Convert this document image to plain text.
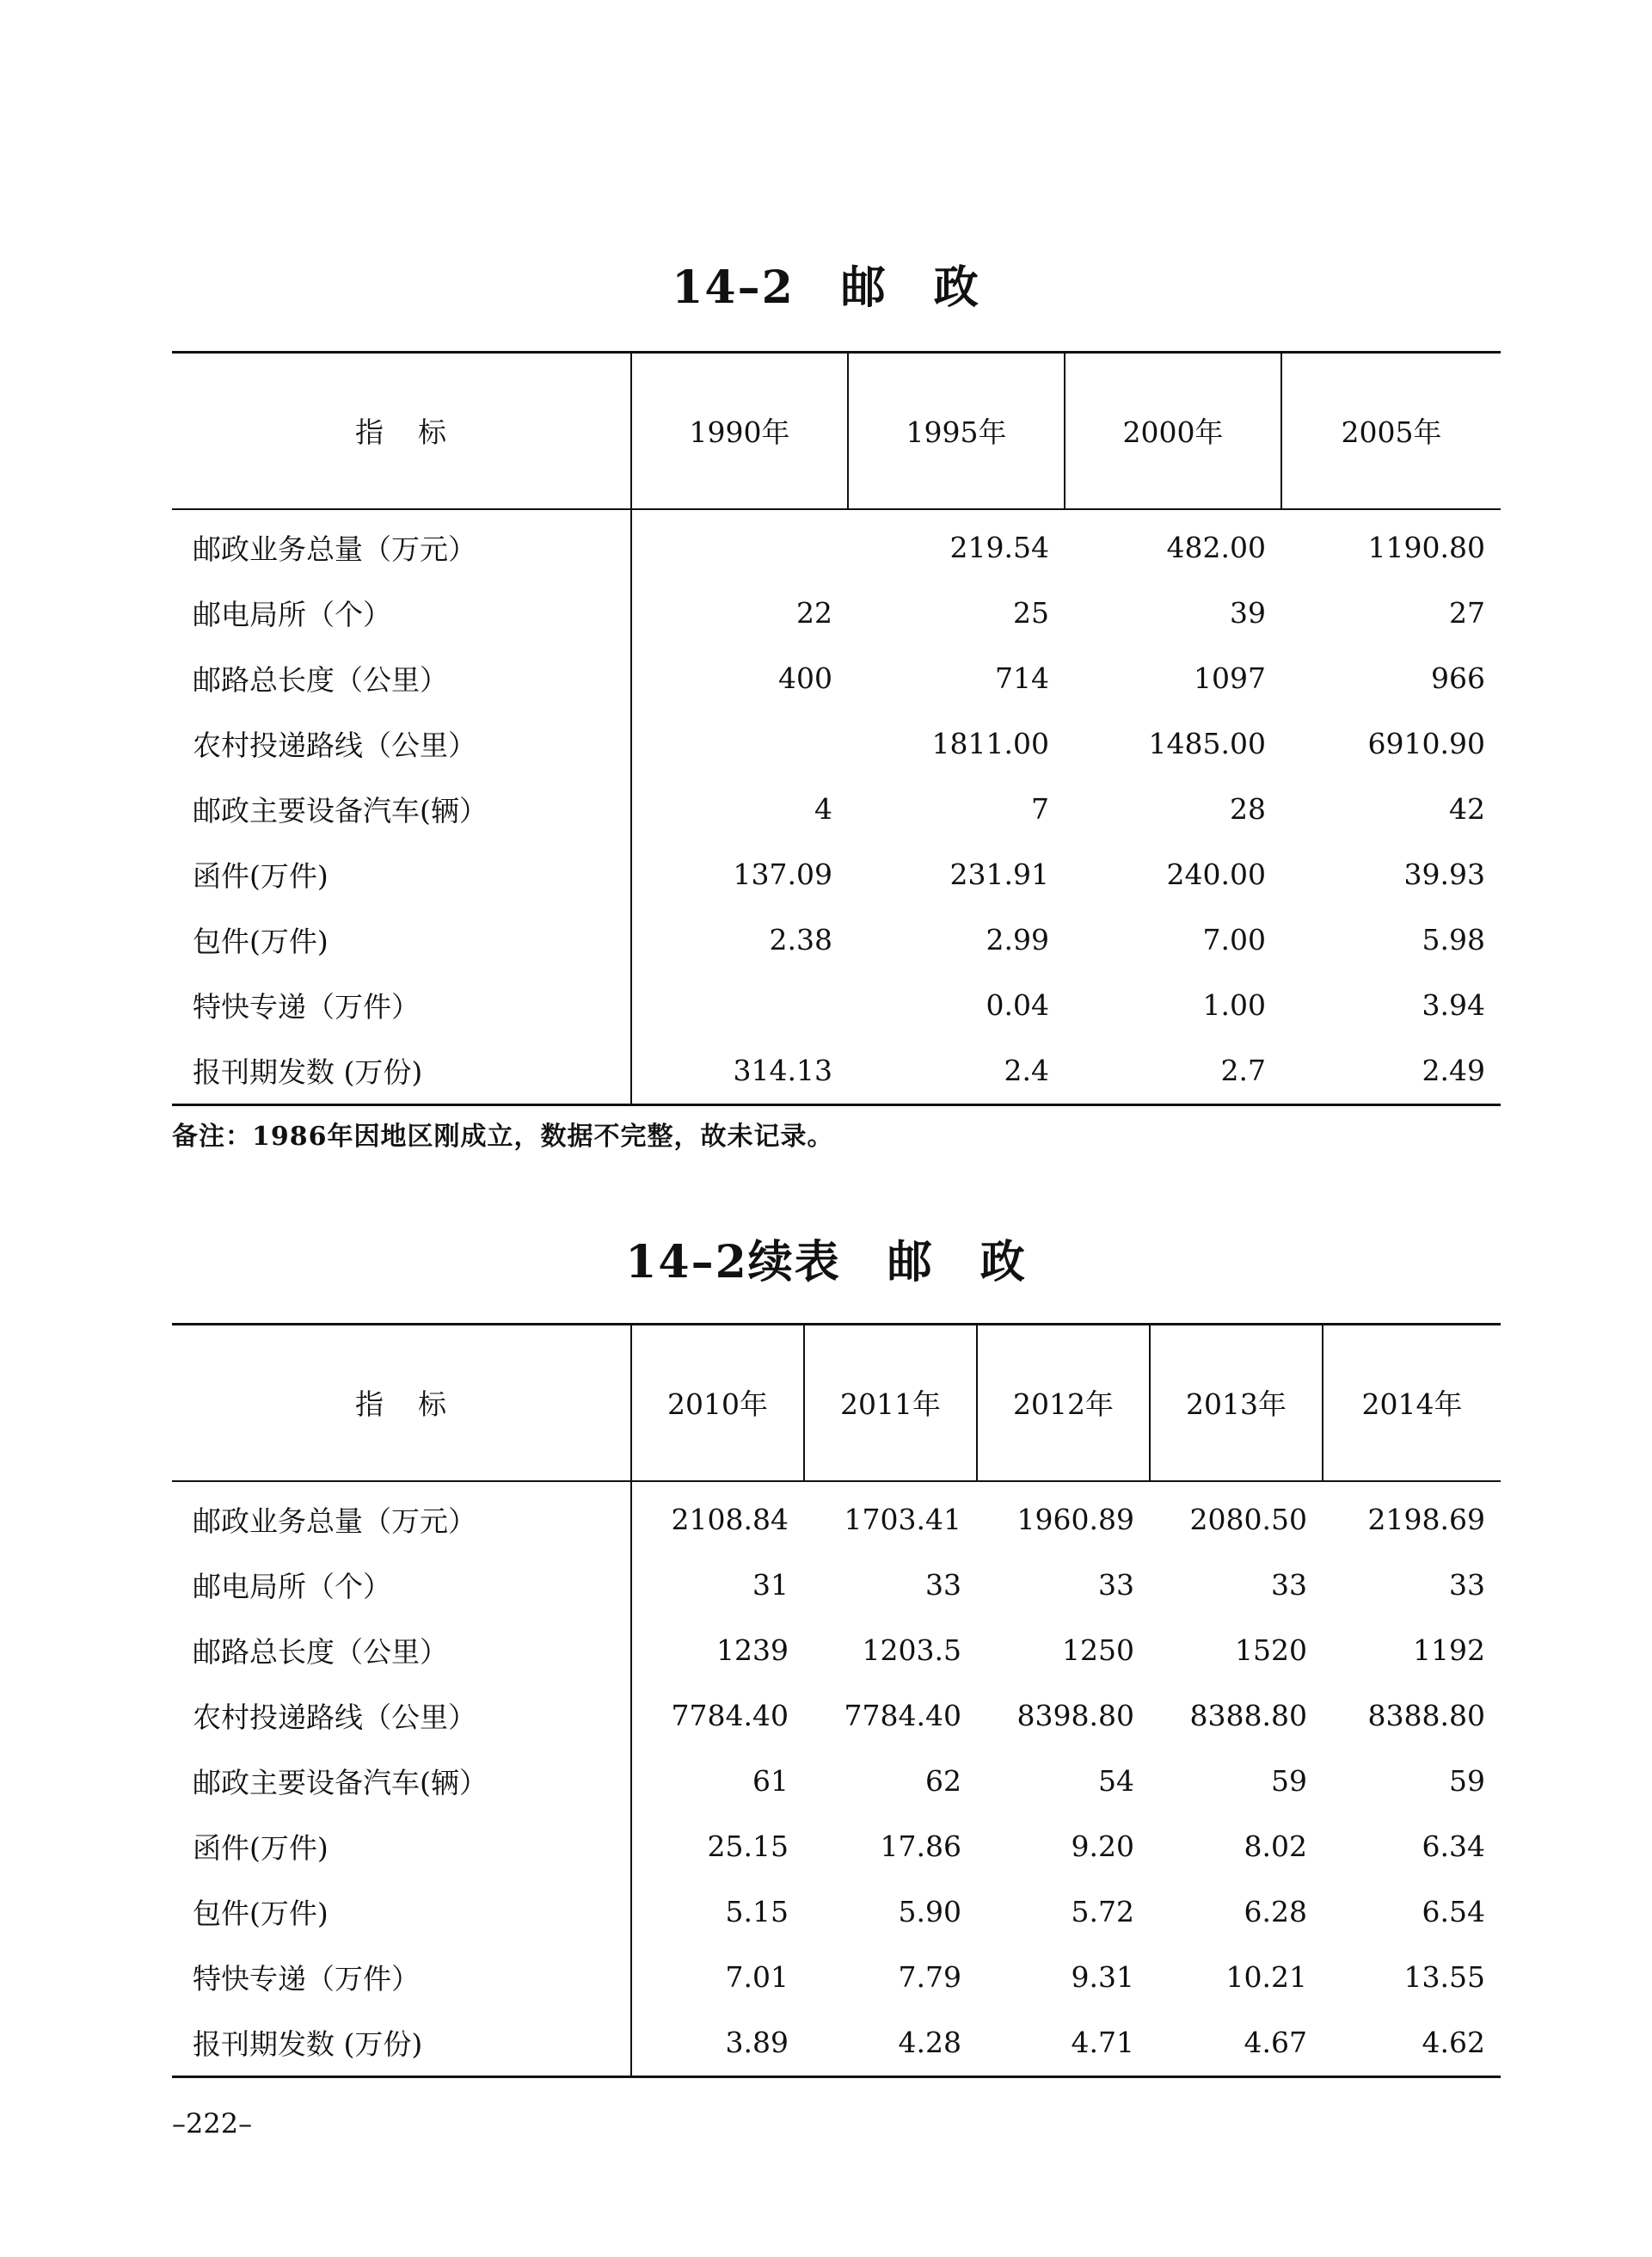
14–2 邮 政
指标	1990年	1995年	2000年	2005年
邮政业务总量（万元）		219.54	482.00	1190.80
邮电局所（个）	22	25	39	27
邮路总长度（公里）	400	714	1097	966
农村投递路线（公里）		1811.00	1485.00	6910.90
邮政主要设备汽车(辆）	4	7	28	42
函件(万件)	137.09	231.91	240.00	39.93
包件(万件)	2.38	2.99	7.00	5.98
特快专递（万件）		0.04	1.00	3.94
报刊期发数 (万份)	314.13	2.4	2.7	2.49
备注：1986年因地区刚成立，数据不完整，故未记录。
14–2续表 邮 政
指标	2010年	2011年	2012年	2013年	2014年
邮政业务总量（万元）	2108.84	1703.41	1960.89	2080.50	2198.69
邮电局所（个）	31	33	33	33	33
邮路总长度（公里）	1239	1203.5	1250	1520	1192
农村投递路线（公里）	7784.40	7784.40	8398.80	8388.80	8388.80
邮政主要设备汽车(辆）	61	62	54	59	59
函件(万件)	25.15	17.86	9.20	8.02	6.34
包件(万件)	5.15	5.90	5.72	6.28	6.54
特快专递（万件）	7.01	7.79	9.31	10.21	13.55
报刊期发数 (万份)	3.89	4.28	4.71	4.67	4.62
–222–
